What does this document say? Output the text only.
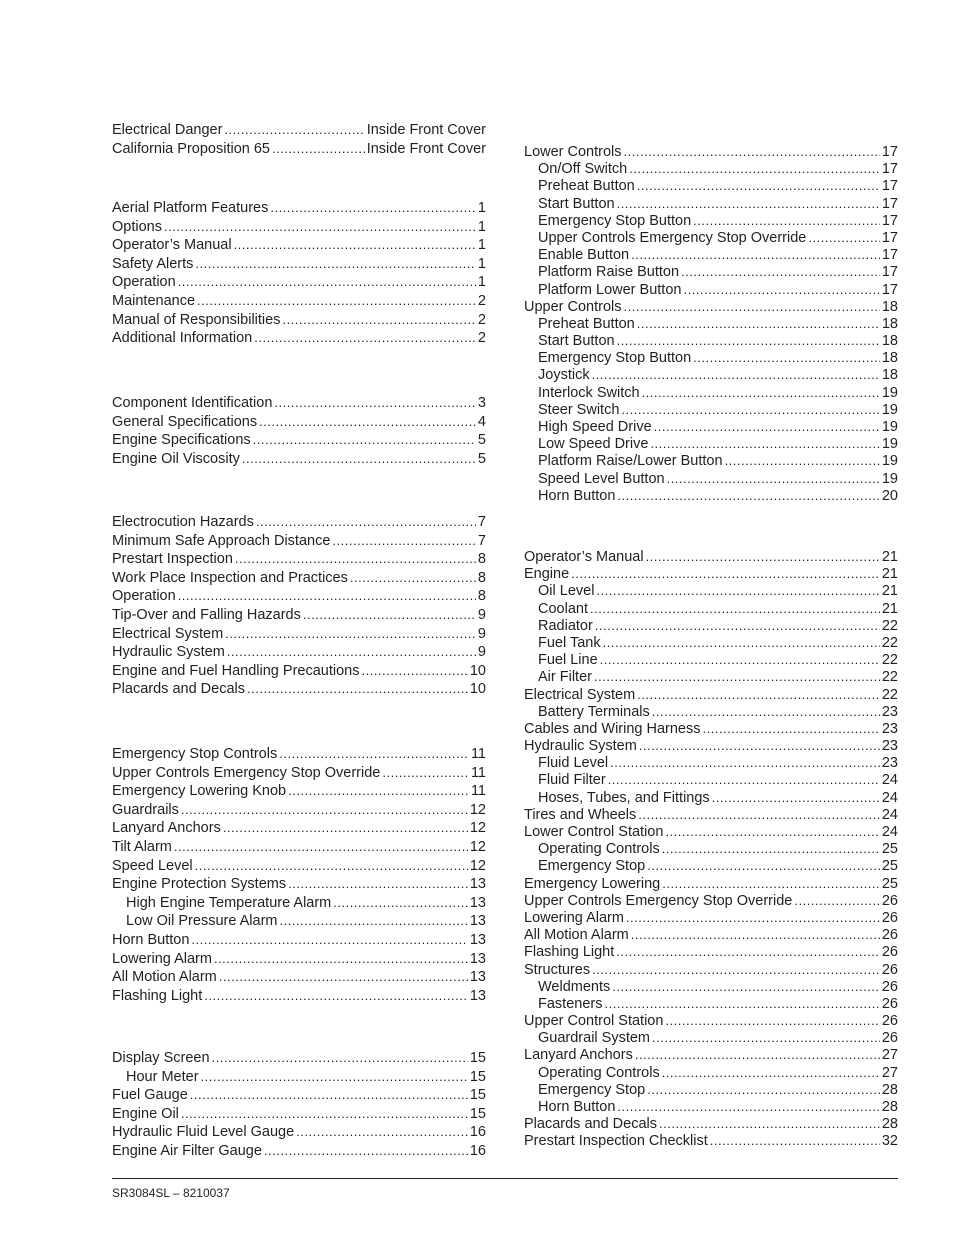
Electrical Danger .....	Inside Front Cover
California Proposition 65 .....	Inside Front Cover
Aerial Platform Features .....	1
Options .....	1
Operator’s Manual .....	1
Safety Alerts .....	1
Operation .....	1
Maintenance .....	2
Manual of Responsibilities .....	2
Additional Information .....	2
Component Identification .....	3
General Specifications .....	4
Engine Specifications .....	5
Engine Oil Viscosity .....	5
Electrocution Hazards .....	7
Minimum Safe Approach Distance .....	7
Prestart Inspection .....	8
Work Place Inspection and Practices .....	8
Operation .....	8
Tip-Over and Falling Hazards .....	9
Electrical System .....	9
Hydraulic System .....	9
Engine and Fuel Handling Precautions .....	10
Placards and Decals .....	10
Emergency Stop Controls .....	11
Upper Controls Emergency Stop Override .....	11
Emergency Lowering Knob .....	11
Guardrails .....	12
Lanyard Anchors .....	12
Tilt Alarm .....	12
Speed Level .....	12
Engine Protection Systems .....	13
High Engine Temperature Alarm .....	13
Low Oil Pressure Alarm .....	13
Horn Button .....	13
Lowering Alarm .....	13
All Motion Alarm .....	13
Flashing Light .....	13
Display Screen .....	15
Hour Meter .....	15
Fuel Gauge .....	15
Engine Oil .....	15
Hydraulic Fluid Level Gauge .....	16
Engine Air Filter Gauge .....	16
Lower Controls .....	17
On/Off Switch .....	17
Preheat Button .....	17
Start Button .....	17
Emergency Stop Button .....	17
Upper Controls Emergency Stop Override .....	17
Enable Button .....	17
Platform Raise Button .....	17
Platform Lower Button .....	17
Upper Controls .....	18
Preheat Button .....	18
Start Button .....	18
Emergency Stop Button .....	18
Joystick .....	18
Interlock Switch .....	19
Steer Switch .....	19
High Speed Drive .....	19
Low Speed Drive .....	19
Platform Raise/Lower Button .....	19
Speed Level Button .....	19
Horn Button .....	20
Operator’s Manual .....	21
Engine .....	21
Oil Level .....	21
Coolant .....	21
Radiator .....	22
Fuel Tank .....	22
Fuel Line .....	22
Air Filter .....	22
Electrical System .....	22
Battery Terminals .....	23
Cables and Wiring Harness .....	23
Hydraulic System .....	23
Fluid Level .....	23
Fluid Filter .....	24
Hoses, Tubes, and Fittings .....	24
Tires and Wheels .....	24
Lower Control Station .....	24
Operating Controls .....	25
Emergency Stop .....	25
Emergency Lowering .....	25
Upper Controls Emergency Stop Override .....	26
Lowering Alarm .....	26
All Motion Alarm .....	26
Flashing Light .....	26
Structures .....	26
Weldments .....	26
Fasteners .....	26
Upper Control Station .....	26
Guardrail System .....	26
Lanyard Anchors .....	27
Operating Controls .....	27
Emergency Stop .....	28
Horn Button .....	28
Placards and Decals .....	28
Prestart Inspection Checklist .....	32
SR3084SL – 8210037
